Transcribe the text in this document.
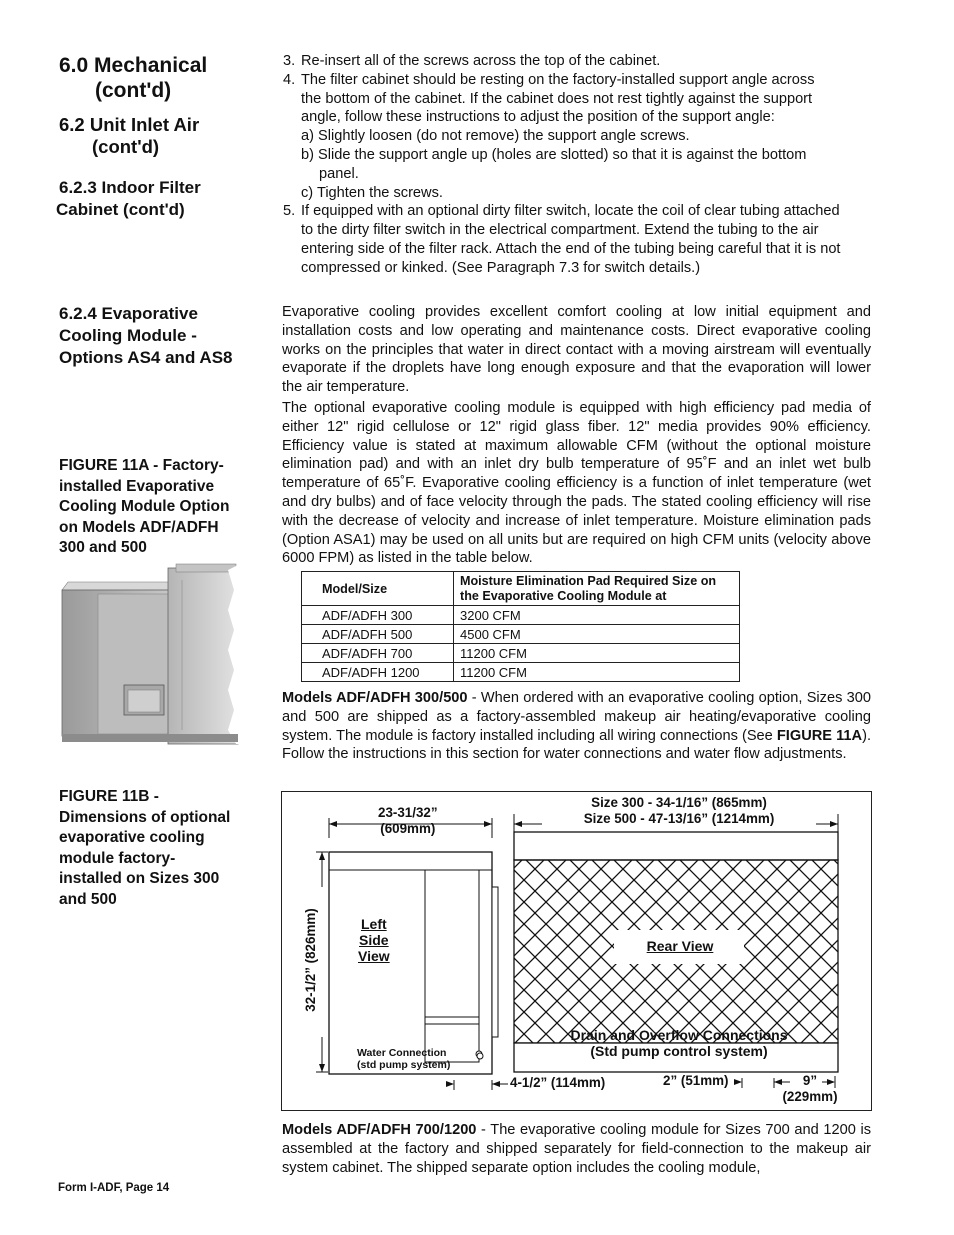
6.0 Mechanical
(cont'd)
6.2 Unit Inlet Air
(cont'd)
6.2.3 Indoor Filter
Cabinet (cont'd)
6.2.4 Evaporative
Cooling Module -
Options AS4 and AS8
FIGURE 11A - Factory-
installed Evaporative
Cooling Module Option
on Models ADF/ADFH
300 and 500
FIGURE 11B -
Dimensions of optional
evaporative cooling
module factory-
installed on Sizes 300
and 500
3. Re-insert all of the screws across the top of the cabinet.
4. The filter cabinet should be resting on the factory-installed support angle across
the bottom of the cabinet. If the cabinet does not rest tightly against the support
angle, follow these instructions to adjust the position of the support angle:
a) Slightly loosen (do not remove) the support angle screws.
b) Slide the support angle up (holes are slotted) so that it is against the bottom
panel.
c) Tighten the screws.
5. If equipped with an optional dirty filter switch, locate the coil of clear tubing attached
to the dirty filter switch in the electrical compartment. Extend the tubing to the air
entering side of the filter rack. Attach the end of the tubing being careful that it is not
compressed or kinked. (See Paragraph 7.3 for switch details.)
Evaporative cooling provides excellent comfort cooling at low initial equipment and installation costs and low operating and maintenance costs. Direct evaporative cooling works on the principles that water in direct contact with a moving airstream will eventually evaporate if the droplets have long enough exposure and that the evaporation will lower the air temperature.
The optional evaporative cooling module is equipped with high efficiency pad media of either 12" rigid cellulose or 12" rigid glass fiber. 12" media provides 90% efficiency. Efficiency value is stated at maximum allowable CFM (without the optional moisture elimination pad) and with an inlet dry bulb temperature of 95˚F and an inlet wet bulb temperature of 65˚F. Evaporative cooling efficiency is a function of inlet temperature (wet and dry bulbs) and of face velocity through the pads. The stated cooling efficiency will rise with the decrease of velocity and increase of inlet temperature. Moisture elimination pads (Option ASA1) may be used on all units but are required on high CFM units (velocity above 6000 FPM) as listed in the table below.
Model/Size	Moisture Elimination Pad Required Size on the Evaporative Cooling Module at
ADF/ADFH 300	3200 CFM
ADF/ADFH 500	4500 CFM
ADF/ADFH 700	11200 CFM
ADF/ADFH 1200	11200 CFM
Models ADF/ADFH 300/500 - When ordered with an evaporative cooling option, Sizes 300 and 500 are shipped as a factory-assembled makeup air heating/evaporative cooling system. The module is factory installed including all wiring connections (See FIGURE 11A). Follow the instructions in this section for water connections and water flow adjustments.
23-31/32”
(609mm)
Size 300 - 34-1/16” (865mm)
Size 500 - 47-13/16” (1214mm)
32-1/2” (826mm)	Left
Side
View
Rear View
Drain and Overflow Connections
(Std pump control system)
Water Connection
(std pump system)
4-1/2” (114mm)	2” (51mm)	9”
(229mm)
Models ADF/ADFH 700/1200 - The evaporative cooling module for Sizes 700 and 1200 is assembled at the factory and shipped separately for field-connection to the makeup air system cabinet. The shipped separate option includes the cooling module,
Form I-ADF, Page 14
